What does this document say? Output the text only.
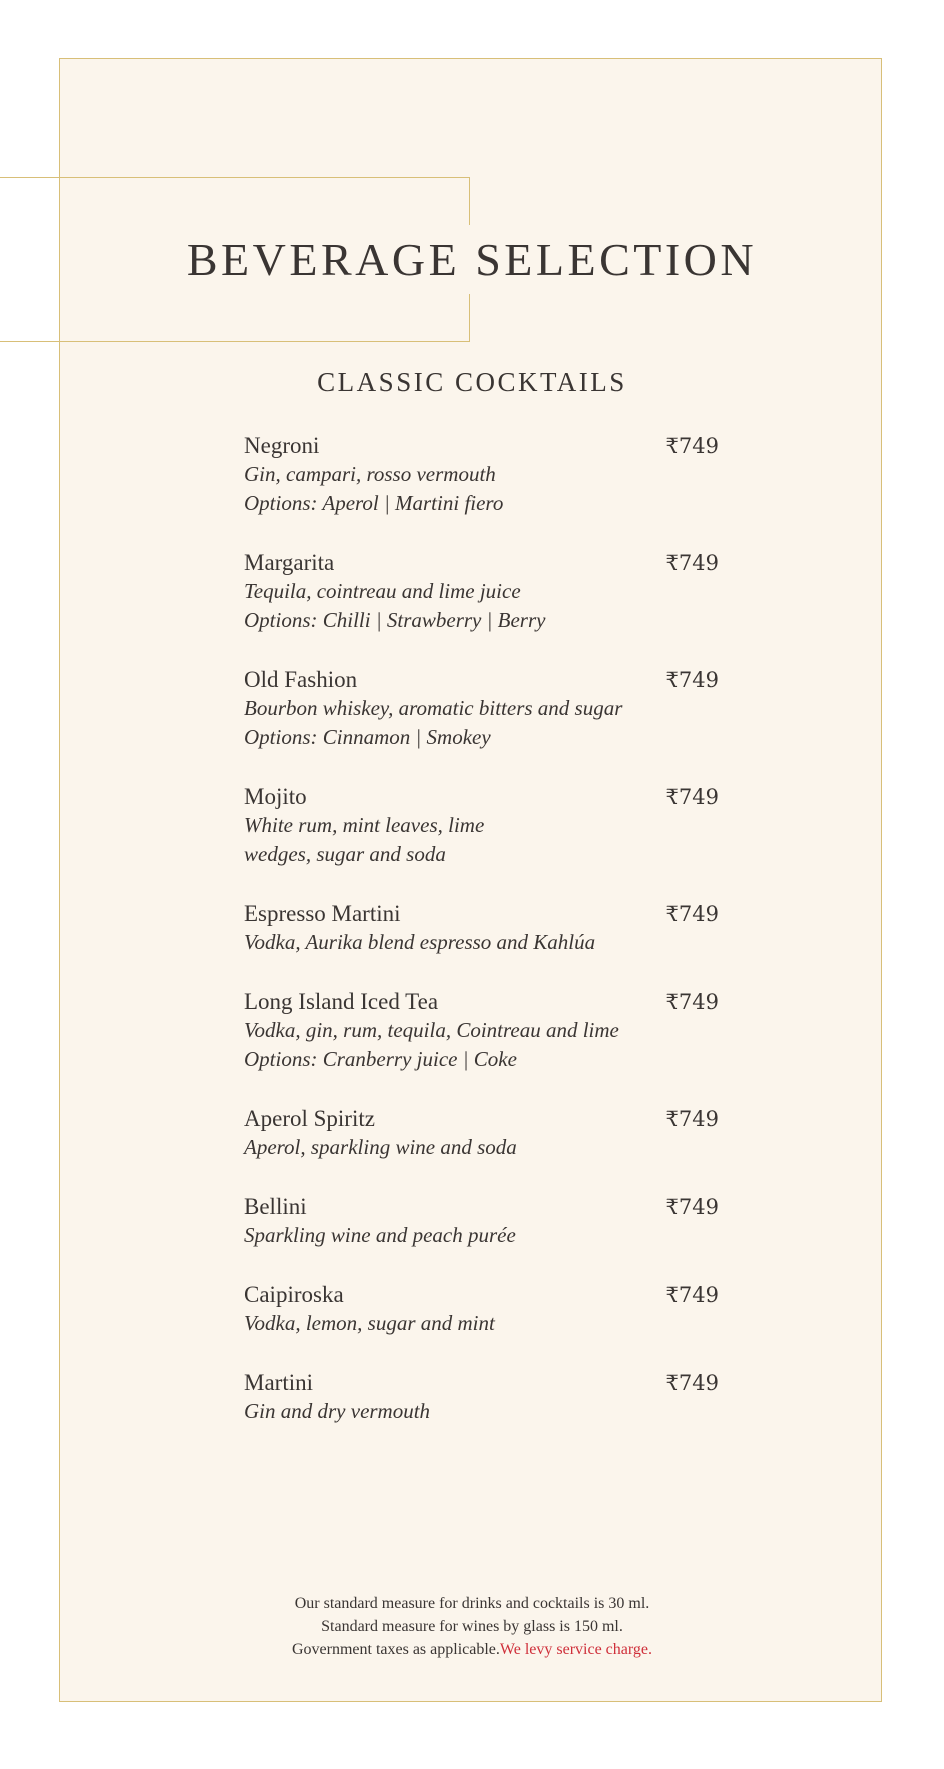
BEVERAGE SELECTION
CLASSIC COCKTAILS
Negroni	₹749
Gin, campari, rosso vermouth
Options: Aperol | Martini fiero
Margarita	₹749
Tequila, cointreau and lime juice
Options: Chilli | Strawberry | Berry
Old Fashion	₹749
Bourbon whiskey, aromatic bitters and sugar
Options: Cinnamon | Smokey
Mojito	₹749
White rum, mint leaves, lime
wedges, sugar and soda
Espresso Martini	₹749
Vodka, Aurika blend espresso and Kahlúa
Long Island Iced Tea	₹749
Vodka, gin, rum, tequila, Cointreau and lime
Options: Cranberry juice | Coke
Aperol Spiritz	₹749
Aperol, sparkling wine and soda
Bellini	₹749
Sparkling wine and peach purée
Caipiroska	₹749
Vodka, lemon, sugar and mint
Martini	₹749
Gin and dry vermouth
Our standard measure for drinks and cocktails is 30 ml.
Standard measure for wines by glass is 150 ml.
Government taxes as applicable.We levy service charge.
